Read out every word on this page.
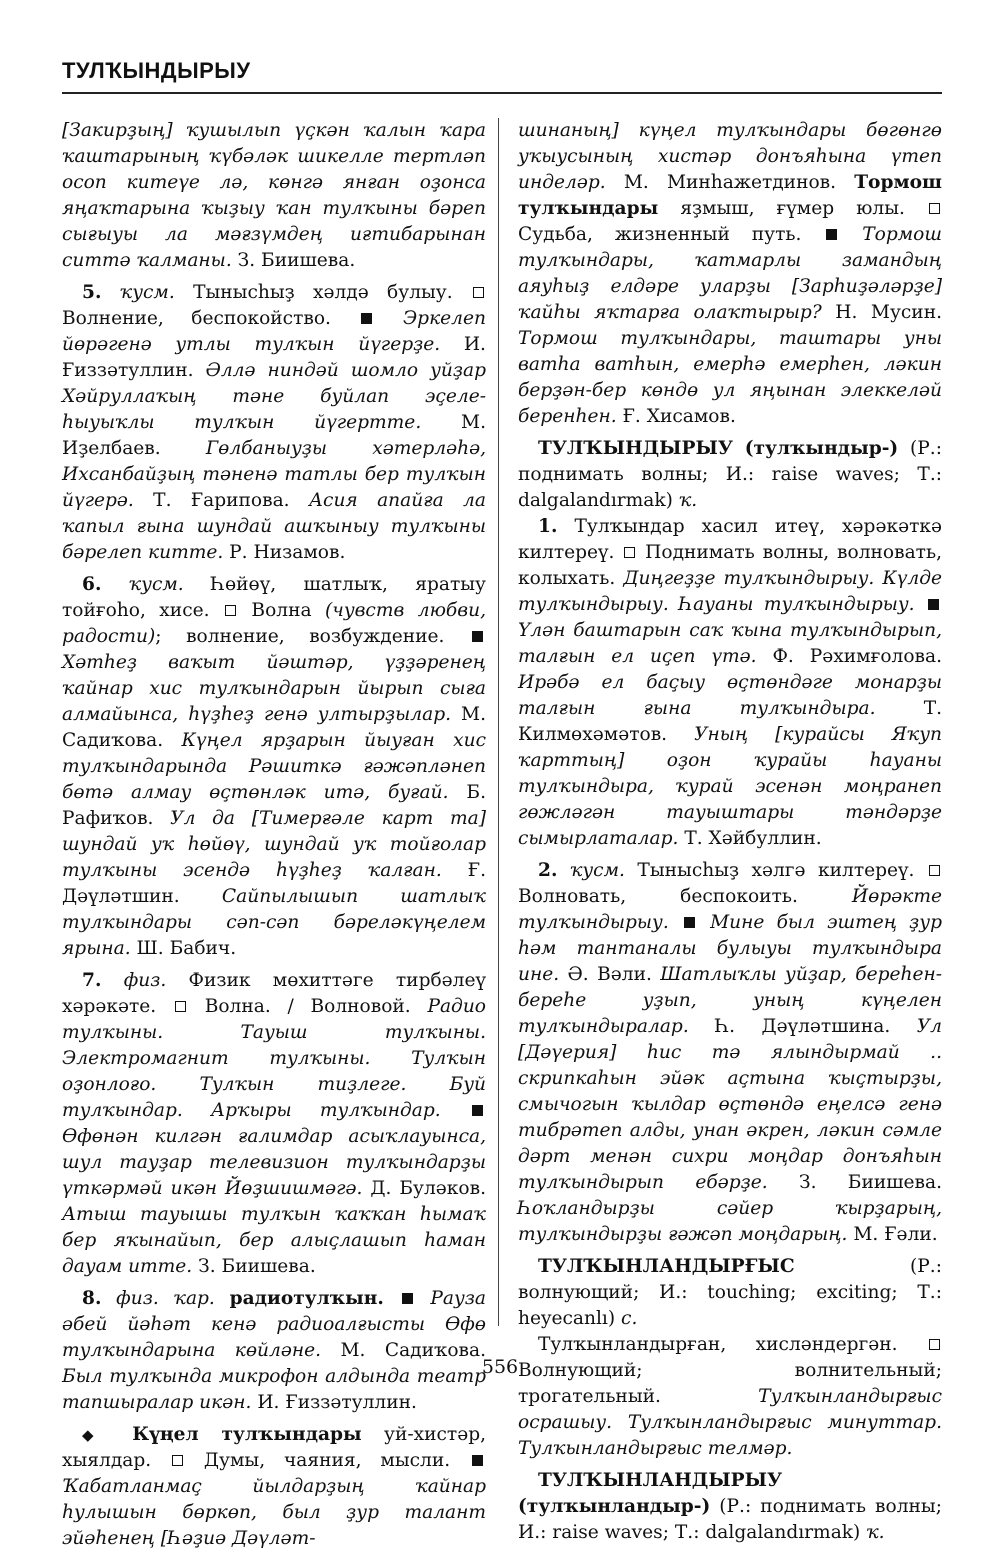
ТУЛҠЫНДЫРЫУ

[Закирҙың] ҡушылып үҫкән ҡалын ҡара ҡаштарының ҡүбәләк шикелле тертләп осоп китеүе лә, көнгә янған оҙонса яңаҡтарына ҡыҙыу ҡан тулҡыны бәреп сығыуы ла мәғзүмдең иғтибарынан ситтә ҡалманы. З. Биишева.

5. ҡусм. Тынысһыҙ хәлдә булыу.  Волнение, беспокойство.	Эркелеп йөрәгенә утлы тулҡын йүгерҙе. И. Ғиззәтуллин. Әллә ниндәй шомло уйҙар Хәйруллаҡың тәне буйлап эҫеле-һыуыҡлы тулҡын йүгертте. М. Иҙелбаев. Гөлбаныуҙы хәтерләһә, Ихсанбайҙың тәненә татлы бер тулҡын йүгерә. Т. Ғарипова. Асия апайға ла ҡапыл ғына шундай ашҡыныу тулҡыны бәрелеп китте. Р. Низамов.

6. ҡусм. Һөйөү, шатлыҡ, яратыу тойғоһо, хисе. Волна (чувств любви, радости); волнение, возбуждение.  Хәтһеҙ ваҡыт йәштәр, үҙҙәренең ҡайнар хис тулҡындарын йырып сыға алмайынса, һүҙһеҙ генә ултырҙылар. М. Садиҡова. Күңел ярҙарын йыуған хис тулҡындарында Рәшиткә ғәжәпләнеп бөтә алмау өҫтөнләк итә, буғай. Б. Рафиҡов. Ул да [Тимерғәле карт та] шундай уҡ һөйөү, шундай уҡ тойғолар тулҡыны эсендә һүҙһеҙ ҡалған. Ғ. Дәүләтшин. Сайпылышып шатлыҡ тулҡындары сәп-сәп бәреләкүңелем ярына. Ш. Бабич.

7. физ. Физик мөхиттәге тирбәлеү хәрәкәте.	Волна. / Волновой. Радио тулҡыны. Тауыш тулҡыны. Электромагнит тулҡыны. Тулҡын оҙонлоғо. Тулҡын тиҙлеге. Буй тулҡындар. Арҡыры тулҡындар.  Өфөнән килгән ғалимдар асыҡлауынса, шул тауҙар телевизион тулҡындарҙы үткәрмәй икән Йөҙшишмәгә. Д. Буләков. Атыш тауышы тулҡын ҡаҡҡан һымаҡ бер яҡынайып, бер алыҫлашып һаман дауам итте. З. Биишева.

8. физ. ҡар. радиотулҡын.	Рауза әбей йәһәт кенә радиоалғысты Өфө тулҡындарына көйләне. М. Садиҡова. Был тулҡында микрофон алдында театр тапшыралар икән. И. Ғиззәтуллин.

◆ Күңел тулҡындары уй-хистәр, хыялдар.	Думы, чаяния, мысли.  Ҡабатланмаҫ йылдарҙың ҡайнар һулышын бөркөп, был ҙур талант эйәһенең [Һәҙиә Дәүләт-

шинаның] күңел тулҡындары бөгөнгө уҡыусының хистәр донъяһына үтеп инделәр. М. Минһажетдинов. Тормош тулҡындары яҙмыш, ғүмер юлы.  Судьба, жизненный путь.	Тормош тулҡындары, ҡатмарлы замандың аяуһыҙ елдәре уларҙы [Зарһиҙәләрҙе] ҡайһы яҡтарға олаҡтырыр? Н. Мусин. Тормош тулҡындары, таштары уны ватһа ватһын, емерһә емерһен, ләкин берҙән-бер көндө ул яңынан элеккеләй беренһен. Ғ. Хисамов.

ТУЛҠЫНДЫРЫУ (тулҡындыр-) (Р.: поднимать волны; И.: raise waves; Т.: dalgalandırmak) ҡ.

1. Тулҡындар хасил итеү, хәрәкәткә килтереү. Поднимать волны, волновать, колыхать. Диңгеҙҙе тулҡындырыу. Күлде тулҡындырыу. Һауаны тулҡындырыу.  Үлән баштарын саҡ ҡына тулҡындырып, талғын ел иҫеп үтә. Ф. Рәхимғолова. Ирәбә ел баҫыу өҫтөндәге монарҙы талғын ғына тулҡындыра.	Т. Килмөхәмәтов. Уның [курайсы Яҡуп ҡарттың] оҙон ҡурайы һауаны тулҡындыра, ҡурай эсенән моңранеп гөжләгән тауыштары тәндәрҙе сымырлаталар. Т. Хәйбуллин.

2. ҡусм. Тынысһыҙ хәлгә килтереү.  Волновать, беспокоить.	Йөрәкте тулҡындырыу. Мине был эштең ҙур һәм тантаналы булыуы тулҡындыра ине. Ә. Вәли. Шатлыҡлы уйҙар, береһен-береһе уҙып, уның күңелен тулҡындыралар. Һ. Дәүләтшина. Ул [Дәүерия] һис тә ялындырмай .. скрипкаһын эйәк аҫтына ҡыҫтырҙы, смычогын ҡылдар өҫтөндә еңелсә генә тибрәтеп алды, унан әкрен, ләкин сәмле дәрт менән сихри моңдар донъяһын тулҡындырып ебәрҙе. З. Биишева. Һоҡландырҙы сәйер ҡырҙарың, тулҡындырҙы ғәжәп моңдарың. М. Ғәли.

ТУЛҠЫНЛАНДЫРҒЫС	(Р.: волнующий; И.: touching; exciting; Т.: heyecanlı) с.

Тулҡынландырған, хисләндергән.  Волнующий; волнительный; трогательный.	Тулҡынландырғыс осрашыу. Тулҡынландырғыс минуттар. Тулҡынландырғыс телмәр.

ТУЛҠЫНЛАНДЫРЫУ (тулҡынландыр-) (Р.: поднимать волны; И.: raise waves; Т.: dalgalandırmak) ҡ.

556
